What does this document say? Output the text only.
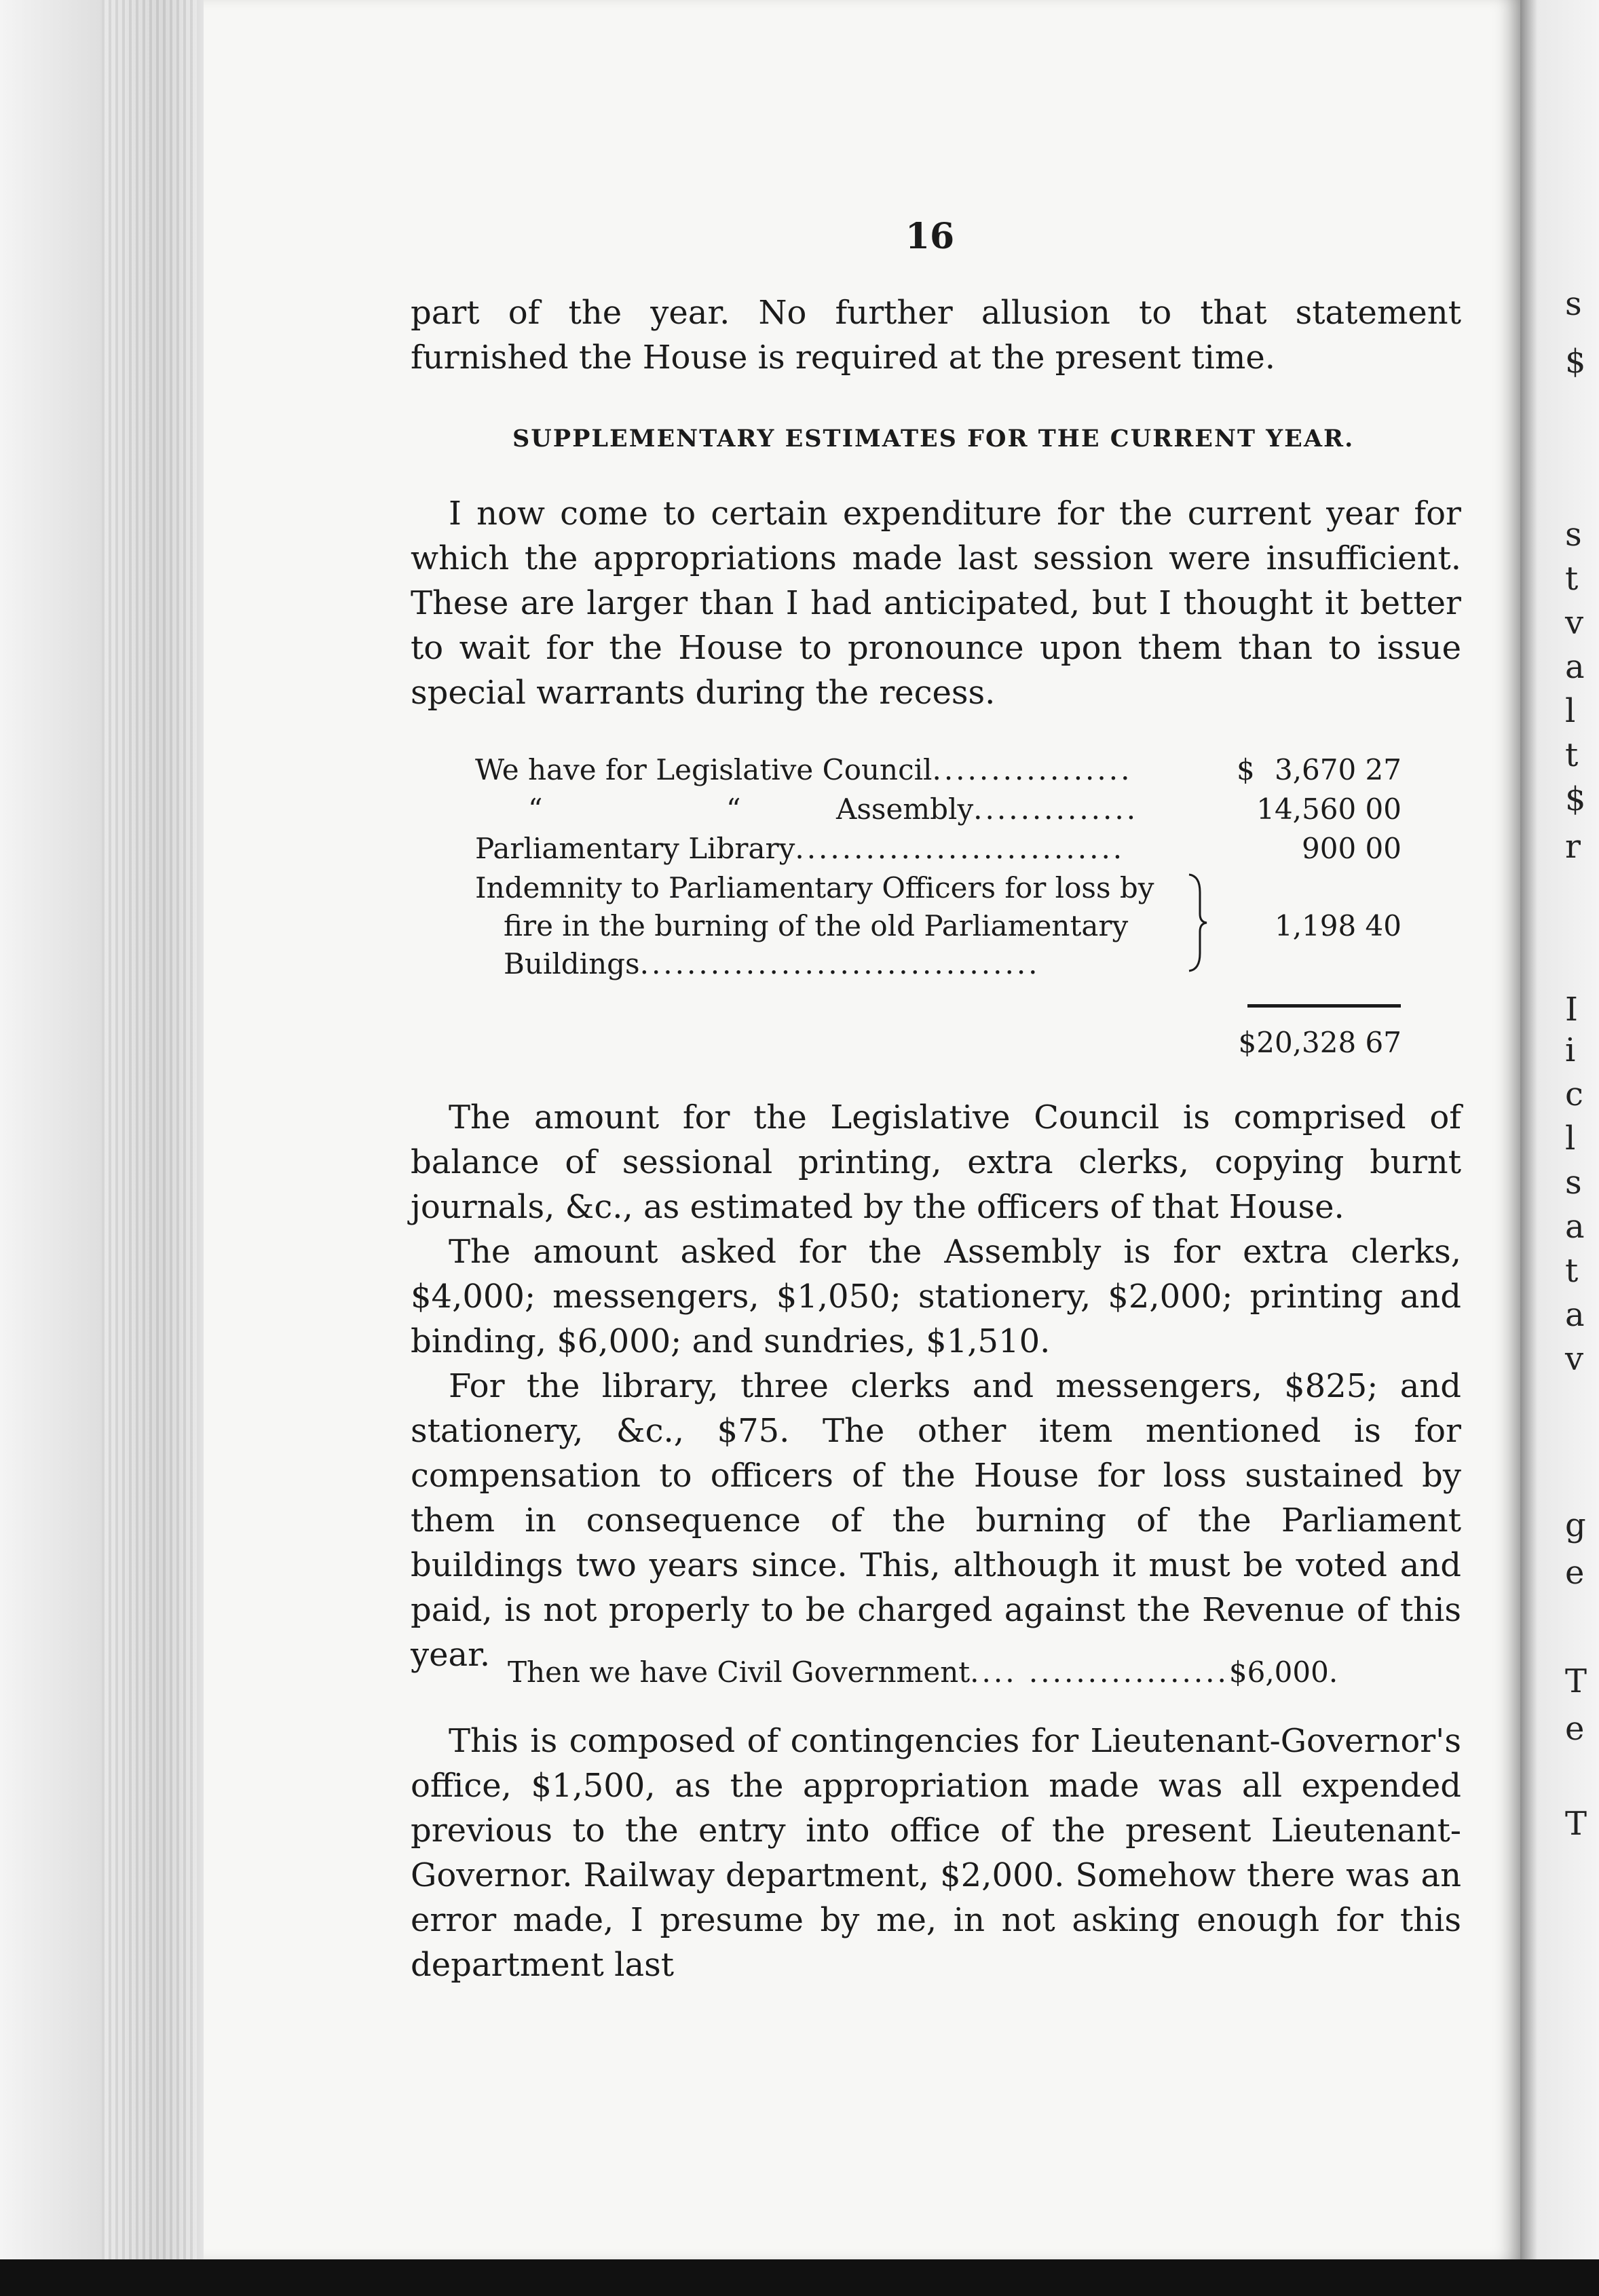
s
$
s
t
v
a
l
t
$
r
I
i
c
l
s
a
t
a
v
g
e
T
e
T
16

part of the year. No further allusion to that statement furnished the House is required at the present time.

SUPPLEMENTARY ESTIMATES FOR THE CURRENT YEAR.

I now come to certain expenditure for the current year for which the appropriations made last session were insufficient. These are larger than I had anticipated, but I thought it better to wait for the House to pronounce upon them than to issue special warrants during the recess.

We have for Legislative Council.................	$ 3,670 27
“	“	Assembly..............	14,560 00
Parliamentary Library............................	900 00
Indemnity to Parliamentary Officers for loss by
fire in the burning of the old Parliamentary
Buildings..................................
1,198 40
$20,328 67

The amount for the Legislative Council is comprised of balance of sessional printing, extra clerks, copying burnt journals, &c., as estimated by the officers of that House.

The amount asked for the Assembly is for extra clerks, $4,000; messengers, $1,050; stationery, $2,000; printing and binding, $6,000; and sundries, $1,510.

For the library, three clerks and messengers, $825; and stationery, &c., $75. The other item mentioned is for compensation to officers of the House for loss sustained by them in consequence of the burning of the Parliament buildings two years since. This, although it must be voted and paid, is not properly to be charged against the Revenue of this year. Then we have Civil Government.... .................$6,000.

This is composed of contingencies for Lieutenant-Governor's office, $1,500, as the appropriation made was all expended previous to the entry into office of the present Lieutenant-Governor. Railway department, $2,000. Somehow there was an error made, I presume by me, in not asking enough for this department last
